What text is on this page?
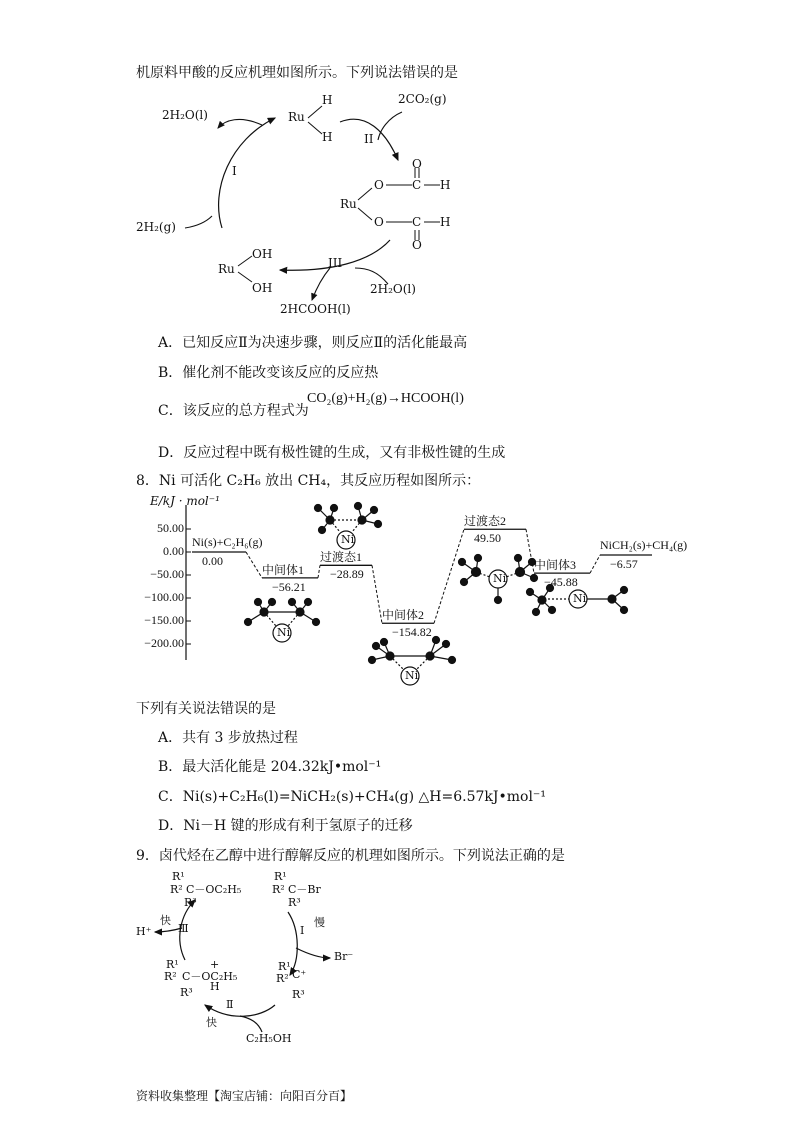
机原料甲酸的反应机理如图所示。下列说法错误的是
2H₂O(l)	Ru
H
H
2CO₂(g)
I
II
2H₂(g)
O C
O
H
Ru
O C
O
H
OH
Ru
OH
III
2H₂O(l)
2HCOOH(l)
A．已知反应Ⅱ为决速步骤，则反应Ⅱ的活化能最高
B．催化剂不能改变该反应的反应热
C．该反应的总方程式为
CO₂(g)+H₂(g)→HCOOH(l)
D．反应过程中既有极性键的生成，又有非极性键的生成
8．Ni 可活化 C₂H₆ 放出 CH₄，其反应历程如图所示：
E/kJ · mol⁻¹
50.00
0.00
−50.00
−100.00
−150.00
−200.00
Ni(s)+C₂H₆(g)
0.00
中间体1
−56.21
过渡态1
−28.89
中间体2
−154.82
过渡态2
49.50
中间体3
−45.88
NiCH₂(s)+CH₄(g)
−6.57
下列有关说法错误的是
A．共有 3 步放热过程
B．最大活化能是 204.32kJ•mol⁻¹
C．Ni(s)+C₂H₆(l)=NiCH₂(s)+CH₄(g) △H=6.57kJ•mol⁻¹
D．Ni－H 键的形成有利于氢原子的迁移
Ni
Ni
Ni
Ni
Ni
9．卤代烃在乙醇中进行醇解反应的机理如图所示。下列说法正确的是
R¹
R² C－OC₂H₅
R³
R¹
R² C－Br
R³
快
Ⅲ
H⁺
慢
Ⅰ
Br⁻
R¹
R²
+
C－OC₂H₅
H
R³
R¹
R² C⁺
R³
Ⅱ
快
C₂H₅OH
资料收集整理【淘宝店铺：向阳百分百】
